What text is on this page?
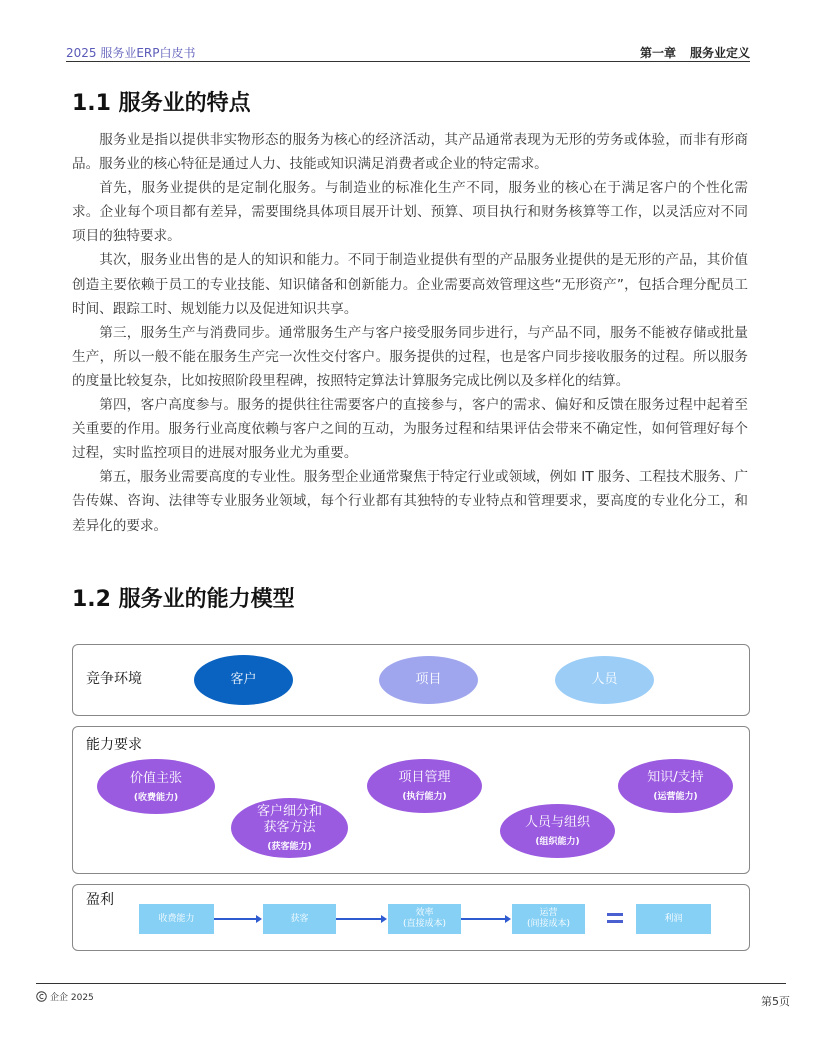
2025 服务业ERP白皮书	第一章 服务业定义
1.1 服务业的特点

服务业是指以提供非实物形态的服务为核心的经济活动，其产品通常表现为无形的劳务或体验，而非有形商品。服务业的核心特征是通过人力、技能或知识满足消费者或企业的特定需求。

首先，服务业提供的是定制化服务。与制造业的标准化生产不同，服务业的核心在于满足客户的个性化需求。企业每个项目都有差异，需要围绕具体项目展开计划、预算、项目执行和财务核算等工作，以灵活应对不同项目的独特要求。

其次，服务业出售的是人的知识和能力。不同于制造业提供有型的产品服务业提供的是无形的产品，其价值创造主要依赖于员工的专业技能、知识储备和创新能力。企业需要高效管理这些“无形资产”，包括合理分配员工时间、跟踪工时、规划能力以及促进知识共享。

第三，服务生产与消费同步。通常服务生产与客户接受服务同步进行，与产品不同，服务不能被存储或批量生产，所以一般不能在服务生产完一次性交付客户。服务提供的过程，也是客户同步接收服务的过程。所以服务的度量比较复杂，比如按照阶段里程碑，按照特定算法计算服务完成比例以及多样化的结算。

第四，客户高度参与。服务的提供往往需要客户的直接参与，客户的需求、偏好和反馈在服务过程中起着至关重要的作用。服务行业高度依赖与客户之间的互动，为服务过程和结果评估会带来不确定性，如何管理好每个过程，实时监控项目的进展对服务业尤为重要。

第五，服务业需要高度的专业性。服务型企业通常聚焦于特定行业或领域，例如 IT 服务、工程技术服务、广告传媒、咨询、法律等专业服务业领域，每个行业都有其独特的专业特点和管理要求，要高度的专业化分工，和差异化的要求。

1.2 服务业的能力模型
竞争环境	客户	项目	人员
能力要求
价值主张
(收费能力)
客户细分和获客方法
(获客能力)
项目管理
(执行能力)
人员与组织
(组织能力)
知识/支持
(运营能力)
盈利
收费能力	获客
效率
(直接成本)
运营
(间接成本)
利润
企企 2025	第5页
